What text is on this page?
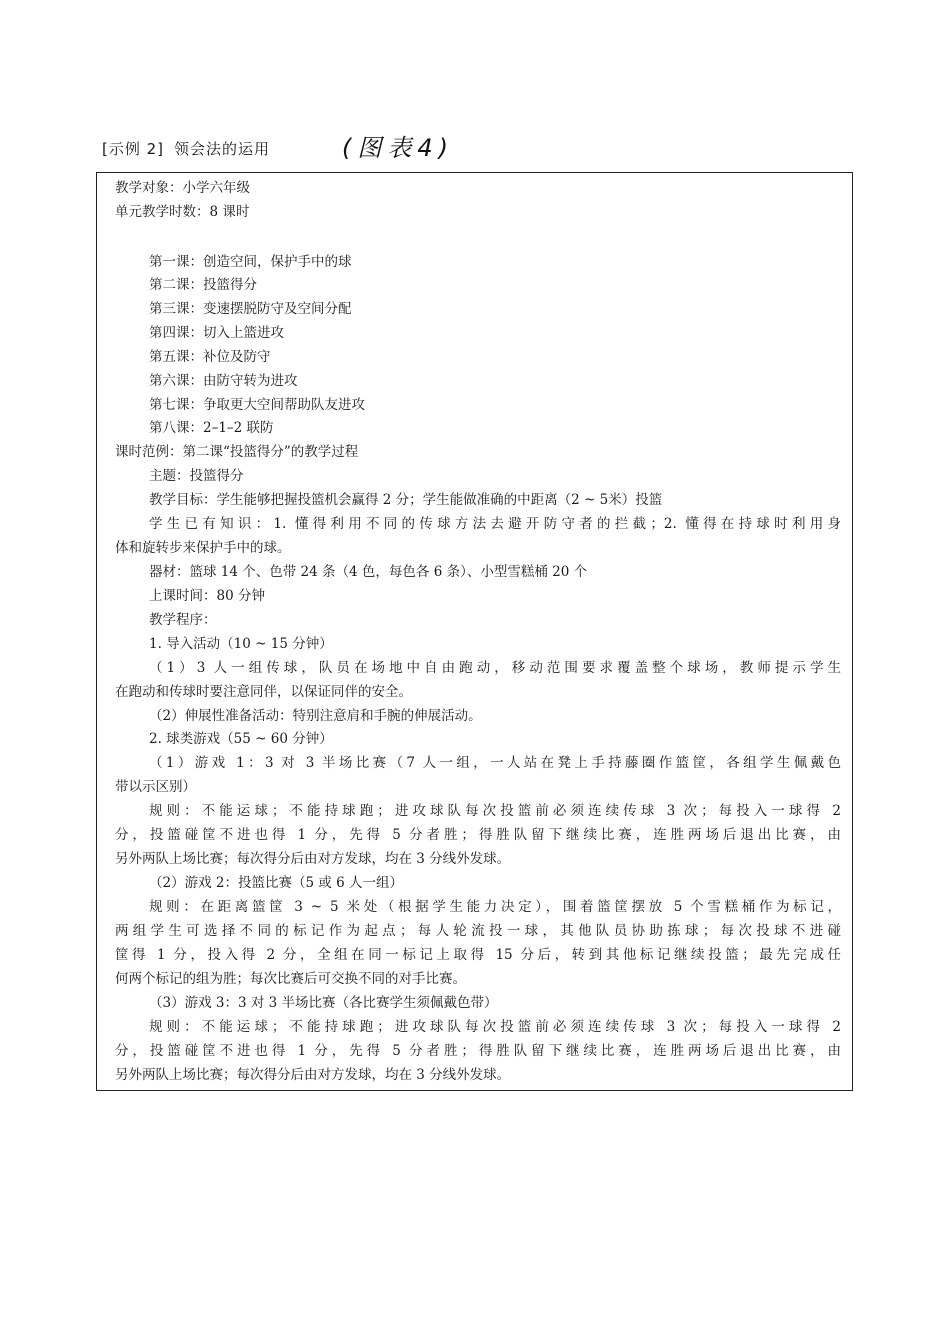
[示例 2] 领会法的运用	(图表4)
教学对象：小学六年级
单元教学时数：8 课时
第一课：创造空间，保护手中的球
第二课：投篮得分
第三课：变速摆脱防守及空间分配
第四课：切入上篮进攻
第五课：补位及防守
第六课：由防守转为进攻
第七课：争取更大空间帮助队友进攻
第八课：2–1–2 联防
课时范例：第二课“投篮得分”的教学过程
主题：投篮得分
教学目标：学生能够把握投篮机会赢得 2 分；学生能做准确的中距离（2 ~ 5米）投篮
学生已有知识：1. 懂得利用不同的传球方法去避开防守者的拦截；2. 懂得在持球时利用身
体和旋转步来保护手中的球。
器材：篮球 14 个、色带 24 条（4 色，每色各 6 条）、小型雪糕桶 20 个
上课时间：80 分钟
教学程序：
1. 导入活动（10 ~ 15 分钟）
（1）3 人一组传球，队员在场地中自由跑动，移动范围要求覆盖整个球场，教师提示学生
在跑动和传球时要注意同伴，以保证同伴的安全。
（2）伸展性准备活动：特别注意肩和手腕的伸展活动。
2. 球类游戏（55 ~ 60 分钟）
（1）游戏 1：3 对 3 半场比赛（7 人一组，一人站在凳上手持藤圈作篮筐，各组学生佩戴色
带以示区别）
规则：不能运球；不能持球跑；进攻球队每次投篮前必须连续传球 3 次；每投入一球得 2
分，投篮碰筐不进也得 1 分，先得 5 分者胜；得胜队留下继续比赛，连胜两场后退出比赛，由
另外两队上场比赛；每次得分后由对方发球，均在 3 分线外发球。
（2）游戏 2：投篮比赛（5 或 6 人一组）
规则：在距离篮筐 3 ~ 5 米处（根据学生能力决定），围着篮筐摆放 5 个雪糕桶作为标记，
两组学生可选择不同的标记作为起点；每人轮流投一球，其他队员协助拣球；每次投球不进碰
筐得 1 分，投入得 2 分，全组在同一标记上取得 15 分后，转到其他标记继续投篮；最先完成任
何两个标记的组为胜；每次比赛后可交换不同的对手比赛。
（3）游戏 3：3 对 3 半场比赛（各比赛学生须佩戴色带）
规则：不能运球；不能持球跑；进攻球队每次投篮前必须连续传球 3 次；每投入一球得 2
分，投篮碰筐不进也得 1 分，先得 5 分者胜；得胜队留下继续比赛，连胜两场后退出比赛，由
另外两队上场比赛；每次得分后由对方发球，均在 3 分线外发球。
